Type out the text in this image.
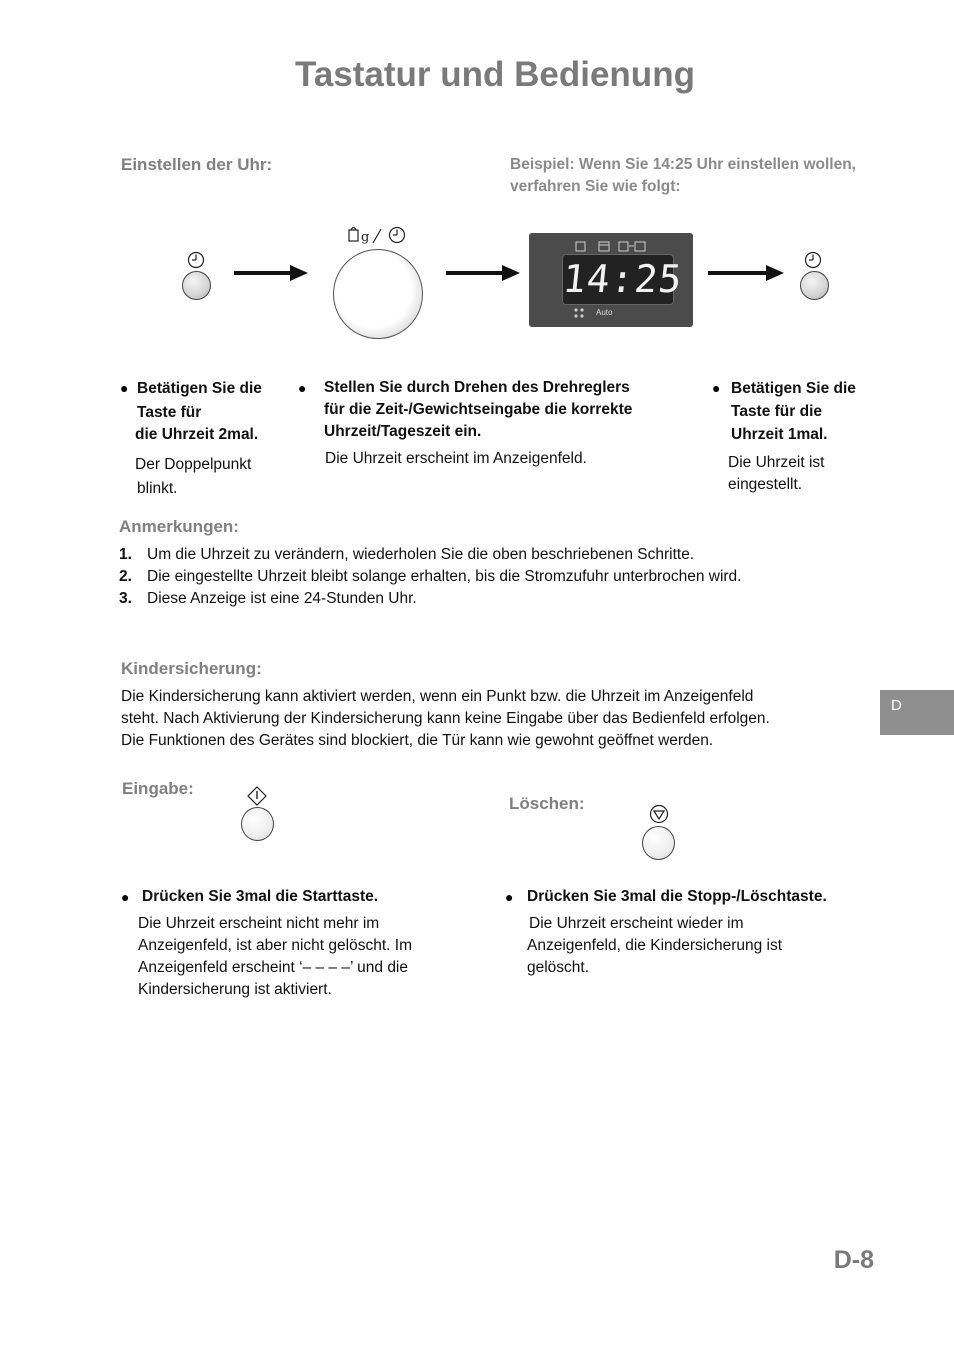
Tastatur und Bedienung
Einstellen der Uhr:	Beispiel: Wenn Sie 14:25 Uhr einstellen wollen, verfahren Sie wie folgt:
g
14:25
Auto
● Betätigen Sie die
Taste für
die Uhrzeit 2mal.
Der Doppelpunkt
blinkt.
● Stellen Sie durch Drehen des Drehreglers
für die Zeit-/Gewichtseingabe die korrekte
Uhrzeit/Tageszeit ein.
Die Uhrzeit erscheint im Anzeigenfeld.
● Betätigen Sie die
Taste für die
Uhrzeit 1mal.
Die Uhrzeit ist
eingestellt.
Anmerkungen:
1. Um die Uhrzeit zu verändern, wiederholen Sie die oben beschriebenen Schritte.
2. Die eingestellte Uhrzeit bleibt solange erhalten, bis die Stromzufuhr unterbrochen wird.
3. Diese Anzeige ist eine 24-Stunden Uhr.
Kindersicherung:
Die Kindersicherung kann aktiviert werden, wenn ein Punkt bzw. die Uhrzeit im Anzeigenfeld
steht. Nach Aktivierung der Kindersicherung kann keine Eingabe über das Bedienfeld erfolgen.
Die Funktionen des Gerätes sind blockiert, die Tür kann wie gewohnt geöffnet werden.
D
Eingabe:
● Drücken Sie 3mal die Starttaste.
Die Uhrzeit erscheint nicht mehr im
Anzeigenfeld, ist aber nicht gelöscht. Im
Anzeigenfeld erscheint ‘– – – –’ und die
Kindersicherung ist aktiviert.
Löschen:
● Drücken Sie 3mal die Stopp-/Löschtaste.
Die Uhrzeit erscheint wieder im
Anzeigenfeld, die Kindersicherung ist
gelöscht.
D-8
